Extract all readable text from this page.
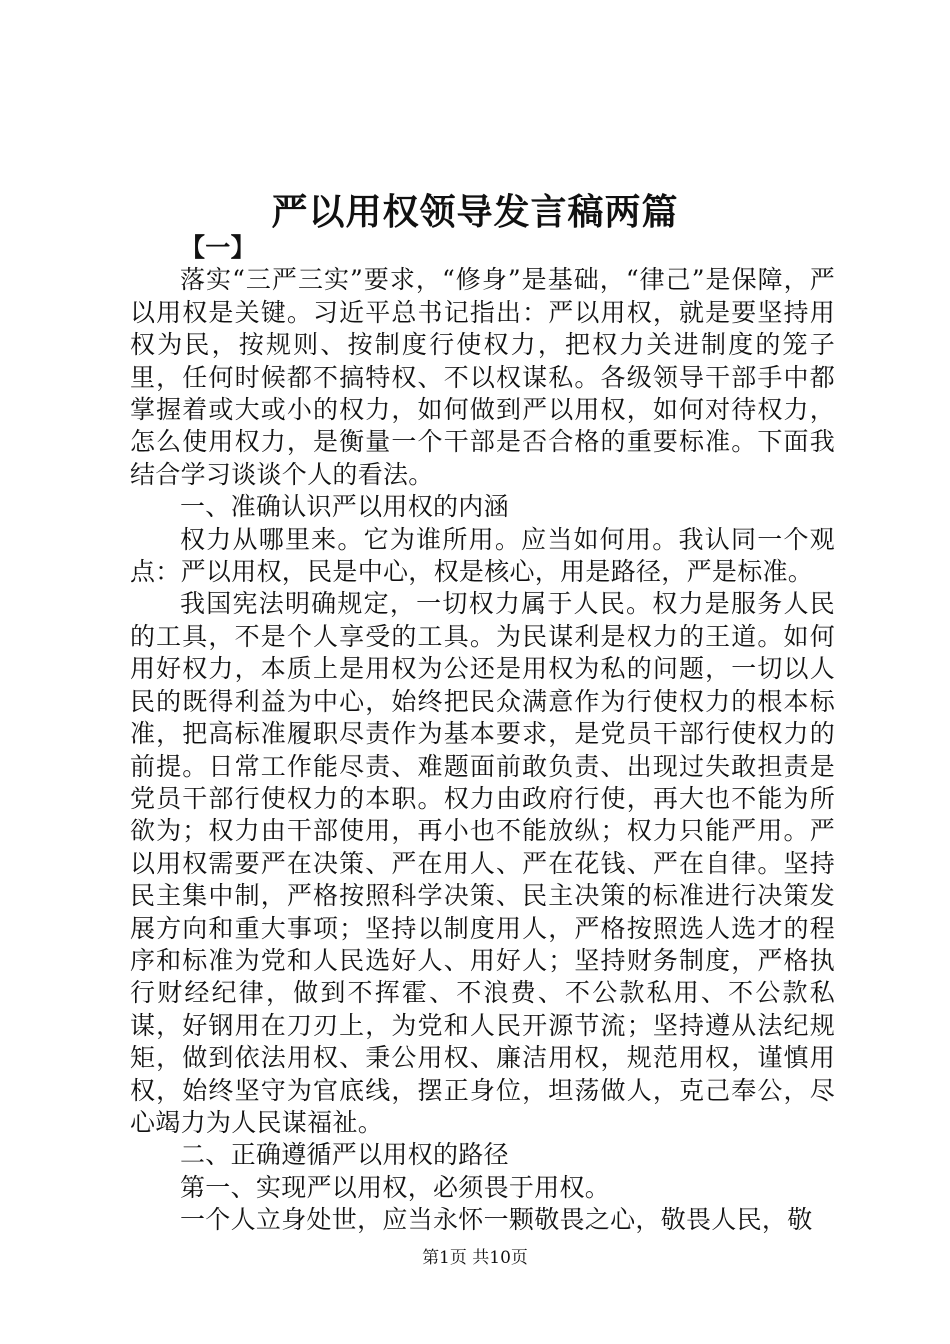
严以用权领导发言稿两篇

【一】

落实“三严三实”要求，“修身”是基础，“律己”是保障，严以用权是关键。习近平总书记指出：严以用权，就是要坚持用权为民，按规则、按制度行使权力，把权力关进制度的笼子里，任何时候都不搞特权、不以权谋私。各级领导干部手中都掌握着或大或小的权力，如何做到严以用权，如何对待权力，怎么使用权力，是衡量一个干部是否合格的重要标准。下面我结合学习谈谈个人的看法。

一、准确认识严以用权的内涵

权力从哪里来。它为谁所用。应当如何用。我认同一个观点：严以用权，民是中心，权是核心，用是路径，严是标准。

我国宪法明确规定，一切权力属于人民。权力是服务人民的工具，不是个人享受的工具。为民谋利是权力的王道。如何用好权力，本质上是用权为公还是用权为私的问题，一切以人民的既得利益为中心，始终把民众满意作为行使权力的根本标准，把高标准履职尽责作为基本要求，是党员干部行使权力的前提。日常工作能尽责、难题面前敢负责、出现过失敢担责是党员干部行使权力的本职。权力由政府行使，再大也不能为所欲为；权力由干部使用，再小也不能放纵；权力只能严用。严以用权需要严在决策、严在用人、严在花钱、严在自律。坚持民主集中制，严格按照科学决策、民主决策的标准进行决策发展方向和重大事项；坚持以制度用人，严格按照选人选才的程序和标准为党和人民选好人、用好人；坚持财务制度，严格执行财经纪律，做到不挥霍、不浪费、不公款私用、不公款私谋，好钢用在刀刃上，为党和人民开源节流；坚持遵从法纪规矩，做到依法用权、秉公用权、廉洁用权，规范用权，谨慎用权，始终坚守为官底线，摆正身位，坦荡做人，克己奉公，尽心竭力为人民谋福祉。

二、正确遵循严以用权的路径

第一、实现严以用权，必须畏于用权。

一个人立身处世，应当永怀一颗敬畏之心，敬畏人民，敬

第1页 共10页
